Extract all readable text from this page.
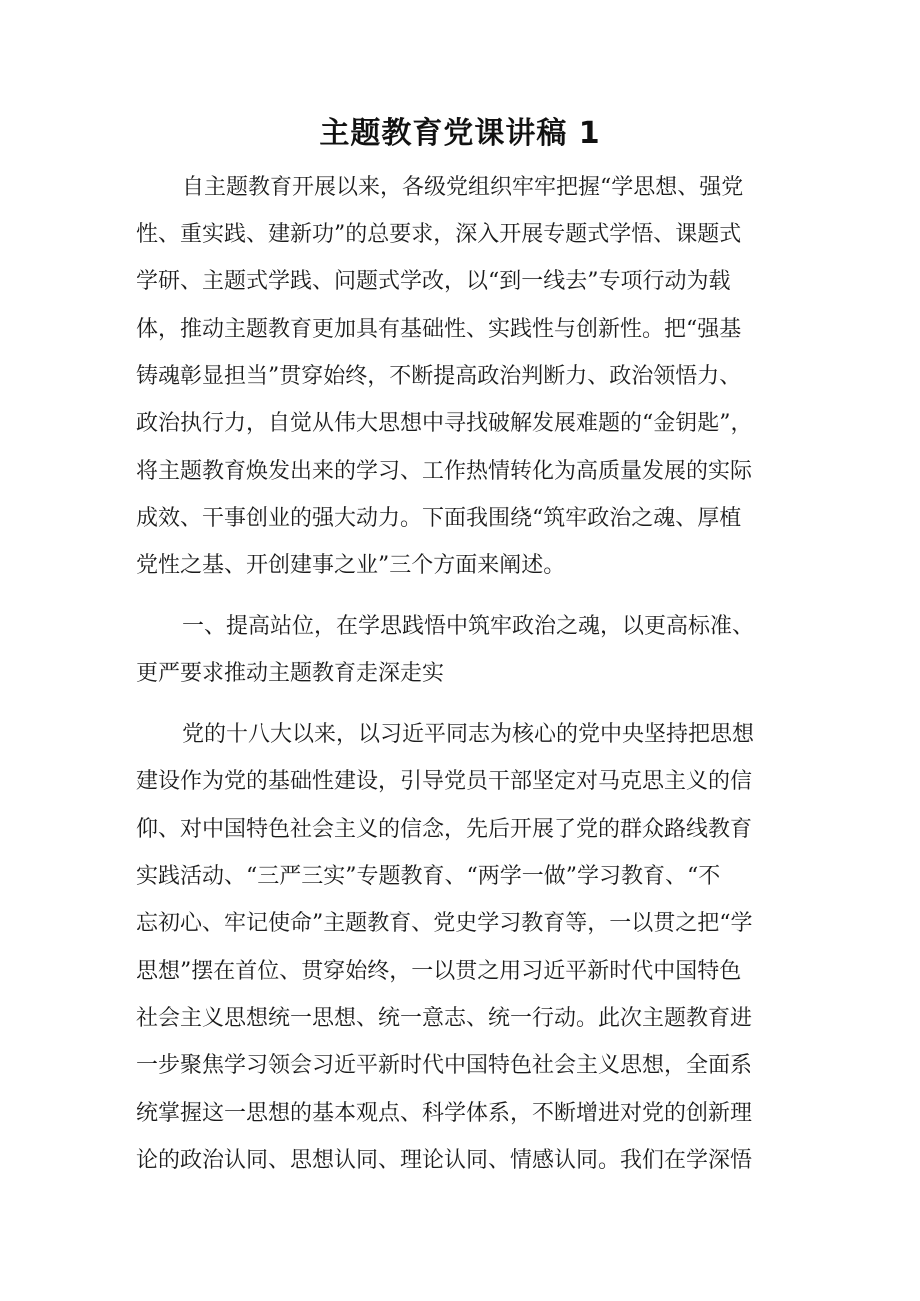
主题教育党课讲稿 1
自主题教育开展以来，各级党组织牢牢把握“学思想、强党
性、重实践、建新功”的总要求，深入开展专题式学悟、课题式
学研、主题式学践、问题式学改，以“到一线去”专项行动为载
体，推动主题教育更加具有基础性、实践性与创新性。把“强基
铸魂彰显担当”贯穿始终，不断提高政治判断力、政治领悟力、
政治执行力，自觉从伟大思想中寻找破解发展难题的“金钥匙”，
将主题教育焕发出来的学习、工作热情转化为高质量发展的实际
成效、干事创业的强大动力。下面我围绕“筑牢政治之魂、厚植
党性之基、开创建事之业”三个方面来阐述。
一、提高站位，在学思践悟中筑牢政治之魂，以更高标准、
更严要求推动主题教育走深走实
党的十八大以来，以习近平同志为核心的党中央坚持把思想
建设作为党的基础性建设，引导党员干部坚定对马克思主义的信
仰、对中国特色社会主义的信念，先后开展了党的群众路线教育
实践活动、“三严三实”专题教育、“两学一做”学习教育、“不
忘初心、牢记使命”主题教育、党史学习教育等，一以贯之把“学
思想”摆在首位、贯穿始终，一以贯之用习近平新时代中国特色
社会主义思想统一思想、统一意志、统一行动。此次主题教育进
一步聚焦学习领会习近平新时代中国特色社会主义思想，全面系
统掌握这一思想的基本观点、科学体系，不断增进对党的创新理
论的政治认同、思想认同、理论认同、情感认同。我们在学深悟
